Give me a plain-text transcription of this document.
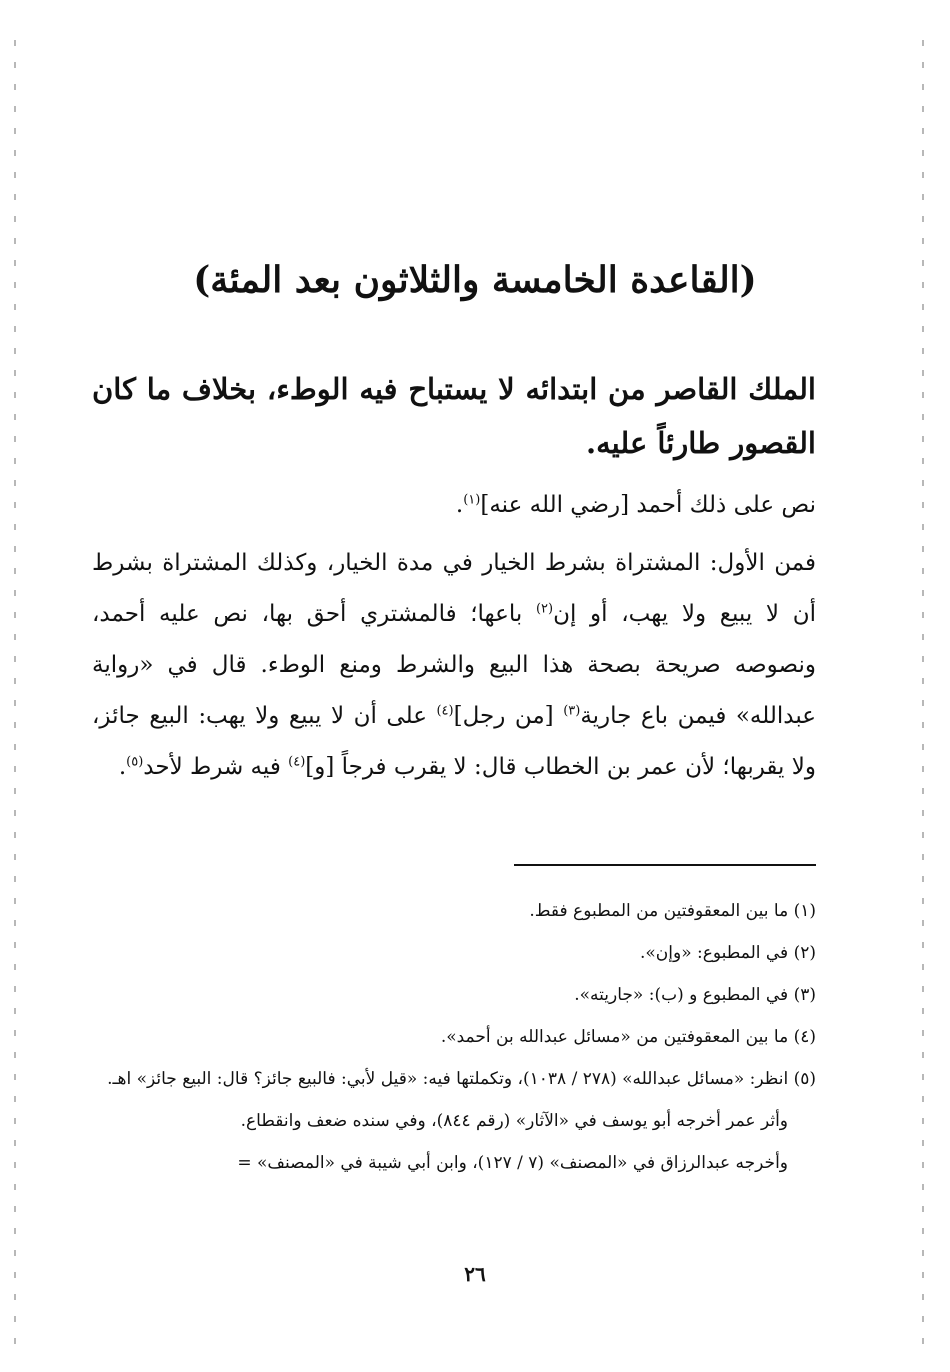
(القاعدة الخامسة والثلاثون بعد المئة)
الملك القاصر من ابتدائه لا يستباح فيه الوطء، بخلاف ما كان القصور طارئاً عليه.
نص على ذلك أحمد [رضي الله عنه]$^{(١)}$.
فمن الأول: المشتراة بشرط الخيار في مدة الخيار، وكذلك المشتراة بشرط أن لا يبيع ولا يهب، أو إن$^{(٢)}$ باعها؛ فالمشتري أحق بها، نص عليه أحمد، ونصوصه صريحة بصحة هذا البيع والشرط ومنع الوطء. قال في «رواية عبدالله» فيمن باع جارية$^{(٣)}$ [من رجل]$^{(٤)}$ على أن لا يبيع ولا يهب: البيع جائز، ولا يقربها؛ لأن عمر بن الخطاب قال: لا يقرب فرجاً [و]$^{(٤)}$ فيه شرط لأحد$^{(٥)}$.
(١) ما بين المعقوفتين من المطبوع فقط.
(٢) في المطبوع: «وإن».
(٣) في المطبوع و (ب): «جاريته».
(٤) ما بين المعقوفتين من «مسائل عبدالله بن أحمد».
(٥) انظر: «مسائل عبدالله» (٢٧٨ / ١٠٣٨)، وتكملتها فيه: «قيل لأبي: فالبيع جائز؟ قال: البيع جائز» اهـ.
وأثر عمر أخرجه أبو يوسف في «الآثار» (رقم ٨٤٤)، وفي سنده ضعف وانقطاع.
وأخرجه عبدالرزاق في «المصنف» (٧ / ١٢٧)، وابن أبي شيبة في «المصنف» =
٢٦
